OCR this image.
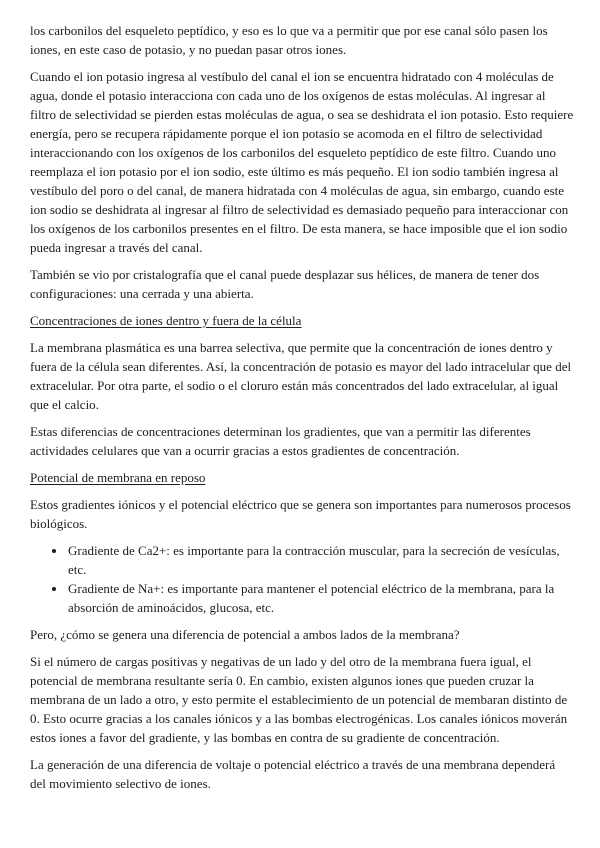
los carbonilos del esqueleto peptídico, y eso es lo que va a permitir que por ese canal sólo pasen los iones, en este caso de potasio, y no puedan pasar otros iones.

Cuando el ion potasio ingresa al vestíbulo del canal el ion se encuentra hidratado con 4 moléculas de agua, donde el potasio interacciona con cada uno de los oxígenos de estas moléculas. Al ingresar al filtro de selectividad se pierden estas moléculas de agua, o sea se deshidrata el ion potasio. Esto requiere energía, pero se recupera rápidamente porque el ion potasio se acomoda en el filtro de selectividad interaccionando con los oxígenos de los carbonilos del esqueleto peptídico de este filtro. Cuando uno reemplaza el ion potasio por el ion sodio, este último es más pequeño. El ion sodio también ingresa al vestíbulo del poro o del canal, de manera hidratada con 4 moléculas de agua, sin embargo, cuando este ion sodio se deshidrata al ingresar al filtro de selectividad es demasiado pequeño para interaccionar con los oxígenos de los carbonilos presentes en el filtro. De esta manera, se hace imposible que el ion sodio pueda ingresar a través del canal.

También se vio por cristalografía que el canal puede desplazar sus hélices, de manera de tener dos configuraciones: una cerrada y una abierta.

Concentraciones de iones dentro y fuera de la célula

La membrana plasmática es una barrea selectiva, que permite que la concentración de iones dentro y fuera de la célula sean diferentes. Así, la concentración de potasio es mayor del lado intracelular que del extracelular. Por otra parte, el sodio o el cloruro están más concentrados del lado extracelular, al igual que el calcio.

Estas diferencias de concentraciones determinan los gradientes, que van a permitir las diferentes actividades celulares que van a ocurrir gracias a estos gradientes de concentración.

Potencial de membrana en reposo

Estos gradientes iónicos y el potencial eléctrico que se genera son importantes para numerosos procesos biológicos.

• Gradiente de Ca2+: es importante para la contracción muscular, para la secreción de vesículas, etc.
• Gradiente de Na+: es importante para mantener el potencial eléctrico de la membrana, para la absorción de aminoácidos, glucosa, etc.

Pero, ¿cómo se genera una diferencia de potencial a ambos lados de la membrana?

Si el número de cargas positivas y negativas de un lado y del otro de la membrana fuera igual, el potencial de membrana resultante sería 0. En cambio, existen algunos iones que pueden cruzar la membrana de un lado a otro, y esto permite el establecimiento de un potencial de membaran distinto de 0. Esto ocurre gracias a los canales iónicos y a las bombas electrogénicas. Los canales iónicos moverán estos iones a favor del gradiente, y las bombas en contra de su gradiente de concentración.

La generación de una diferencia de voltaje o potencial eléctrico a través de una membrana dependerá del movimiento selectivo de iones.
